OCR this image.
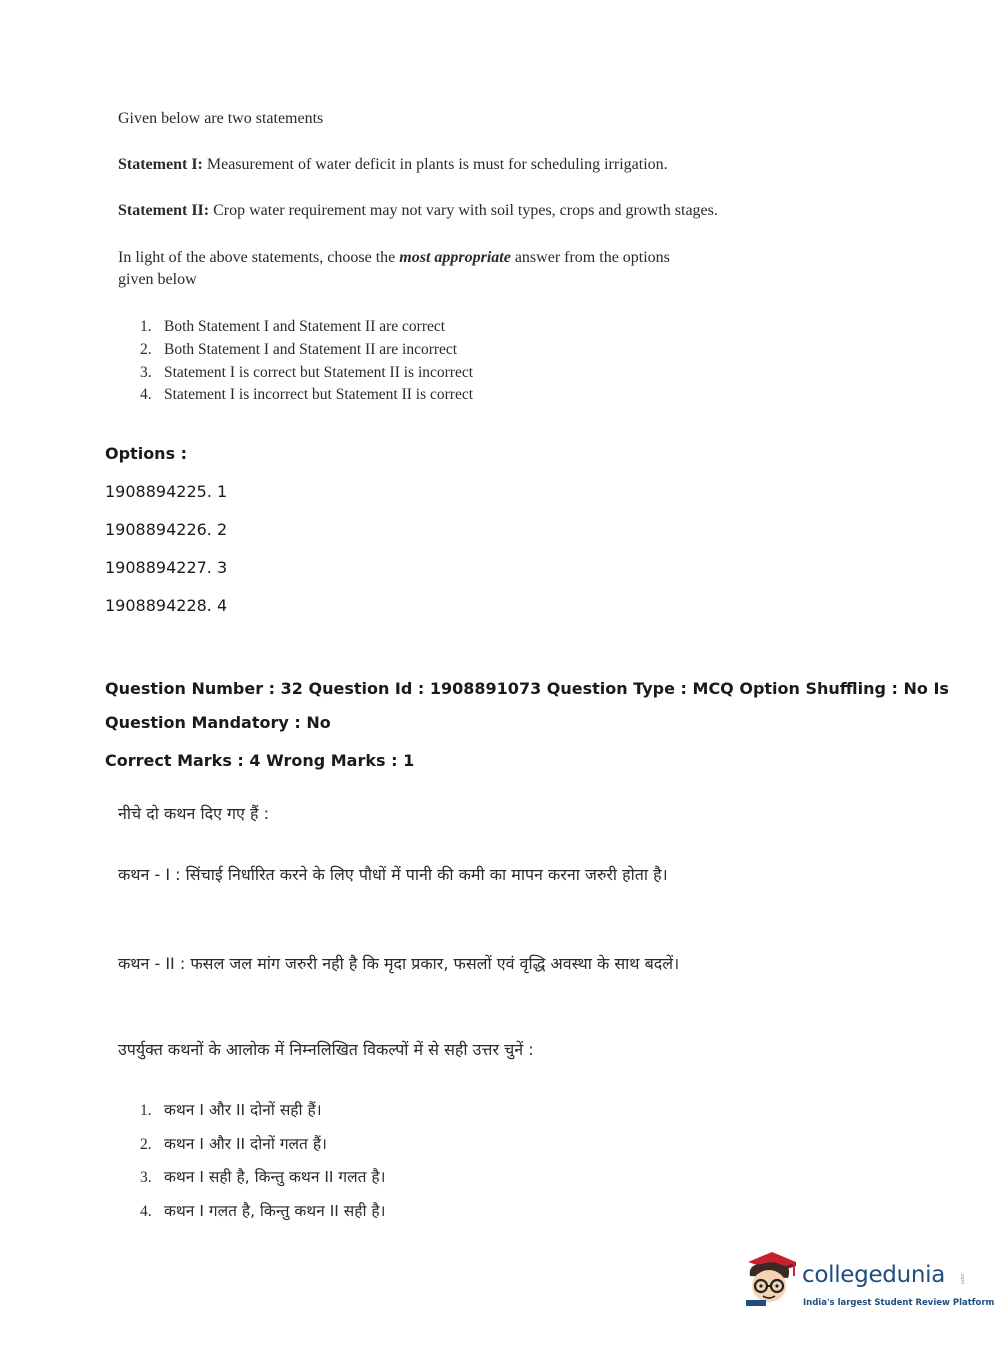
Given below are two statements
Statement I: Measurement of water deficit in plants is must for scheduling irrigation.
Statement II: Crop water requirement may not vary with soil types, crops and growth stages.
In light of the above statements, choose the most appropriate answer from the options given below

1. Both Statement I and Statement II are correct

2. Both Statement I and Statement II are incorrect

3. Statement I is correct but Statement II is incorrect

4. Statement I is incorrect but Statement II is correct

Options :
1908894225. 1
1908894226. 2
1908894227. 3
1908894228. 4
Question Number : 32 Question Id : 1908891073 Question Type : MCQ Option Shuffling : No Is
Question Mandatory : No
Correct Marks : 4 Wrong Marks : 1
नीचे दो कथन दिए गए हैं :
कथन - I : सिंचाई निर्धारित करने के लिए पौधों में पानी की कमी का मापन करना जरुरी होता है।
कथन - II : फसल जल मांग जरुरी नही है कि मृदा प्रकार, फसलों एवं वृद्धि अवस्था के साथ बदलें।
उपर्युक्त कथनों के आलोक में निम्नलिखित विकल्पों में से सही उत्तर चुनें :

1. कथन I और II दोनों सही हैं।

2. कथन I और II दोनों गलत हैं।

3. कथन I सही है, किन्तु कथन II गलत है।

4. कथन I गलत है, किन्तु कथन II सही है।

collegedunia	.com
India's largest Student Review Platform
